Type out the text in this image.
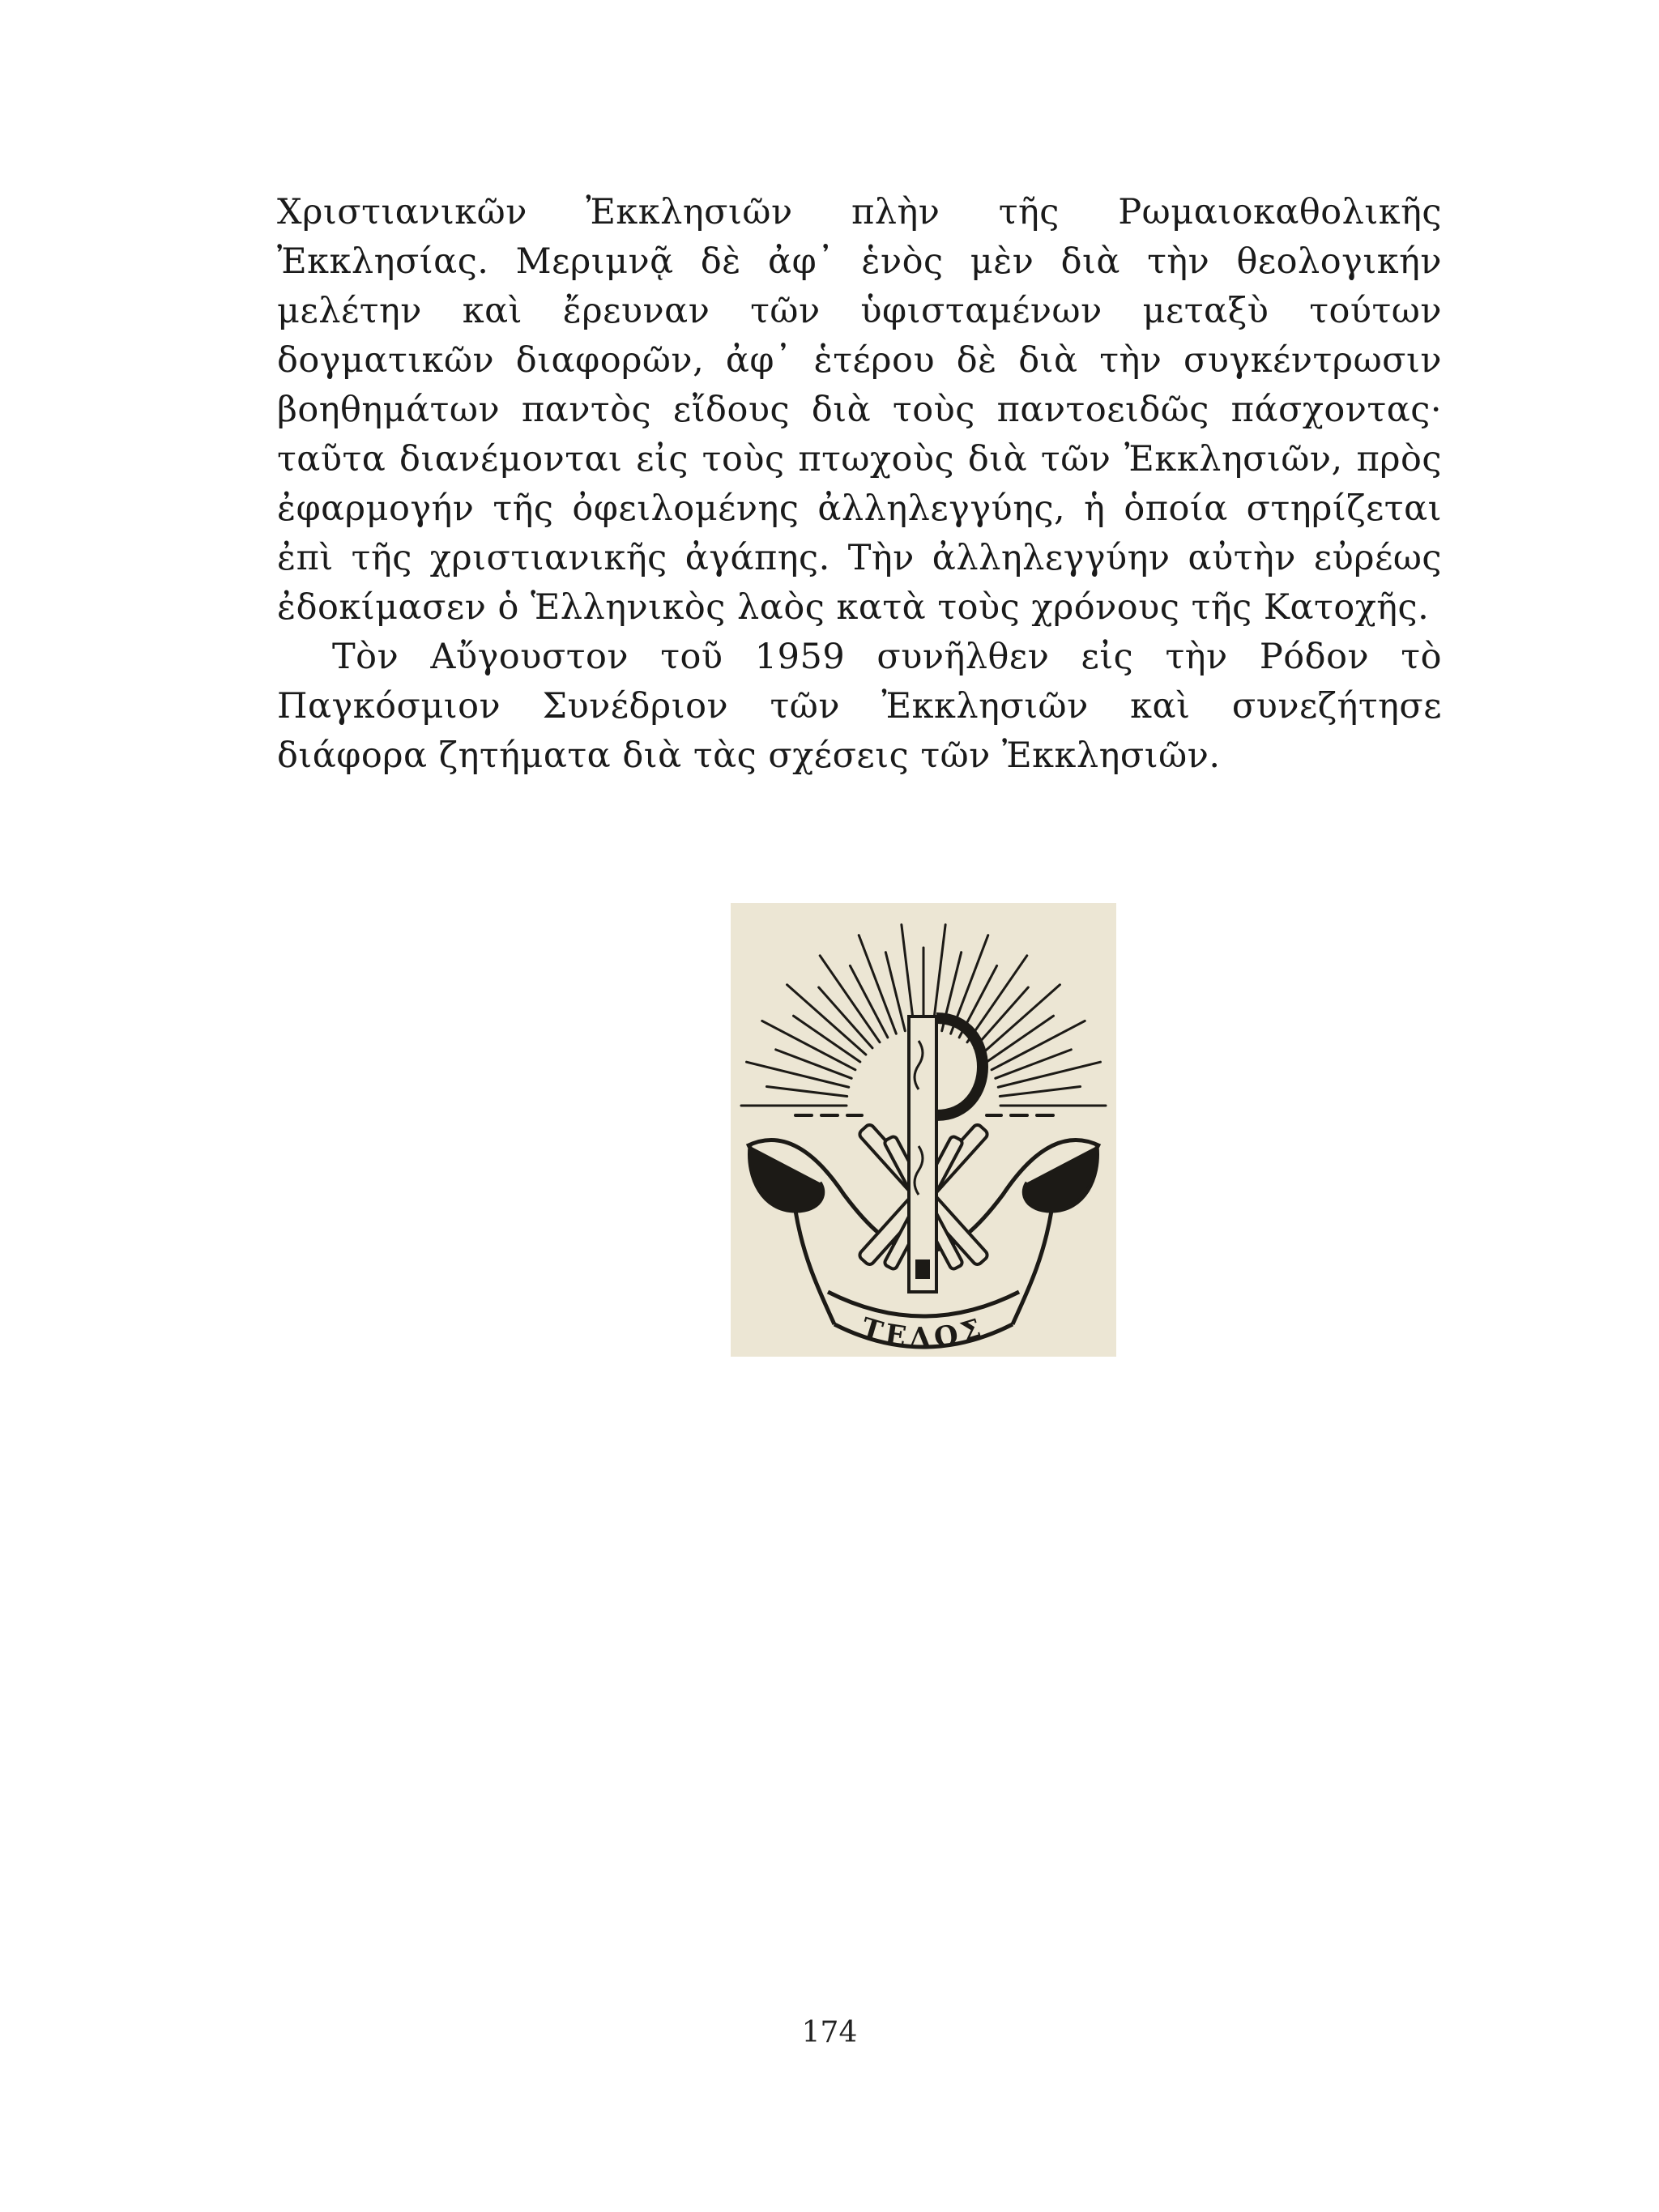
Χριστιανικῶν Ἐκκλησιῶν πλὴν τῆς Ρωμαιοκαθολικῆς Ἐκκλησίας. Μεριμνᾷ δὲ ἀφ᾽ ἑνὸς μὲν διὰ τὴν θεολογικήν μελέτην καὶ ἔρευναν τῶν ὑφισταμένων μεταξὺ τούτων δογματικῶν διαφορῶν, ἀφ᾽ ἑτέρου δὲ διὰ τὴν συγκέντρωσιν βοηθημάτων παντὸς εἴδους διὰ τοὺς παντοειδῶς πάσχοντας· ταῦτα διανέμονται εἰς τοὺς πτωχοὺς διὰ τῶν Ἐκκλησιῶν, πρὸς ἐφαρμογήν τῆς ὀφειλομένης ἀλληλεγγύης, ἡ ὁποία στηρίζεται ἐπὶ τῆς χριστιανικῆς ἀγάπης. Τὴν ἀλληλεγγύην αὐτὴν εὐρέως ἐδοκίμασεν ὁ Ἑλληνικὸς λαὸς κατὰ τοὺς χρόνους τῆς Κατοχῆς.

Τὸν Αὔγουστον τοῦ 1959 συνῆλθεν εἰς τὴν Ρόδον τὸ Παγκόσμιον Συνέδριον τῶν Ἐκκλησιῶν καὶ συνεζήτησε διάφορα ζητήματα διὰ τὰς σχέσεις τῶν Ἐκκλησιῶν.

ΤΕΛΟΣ
174
